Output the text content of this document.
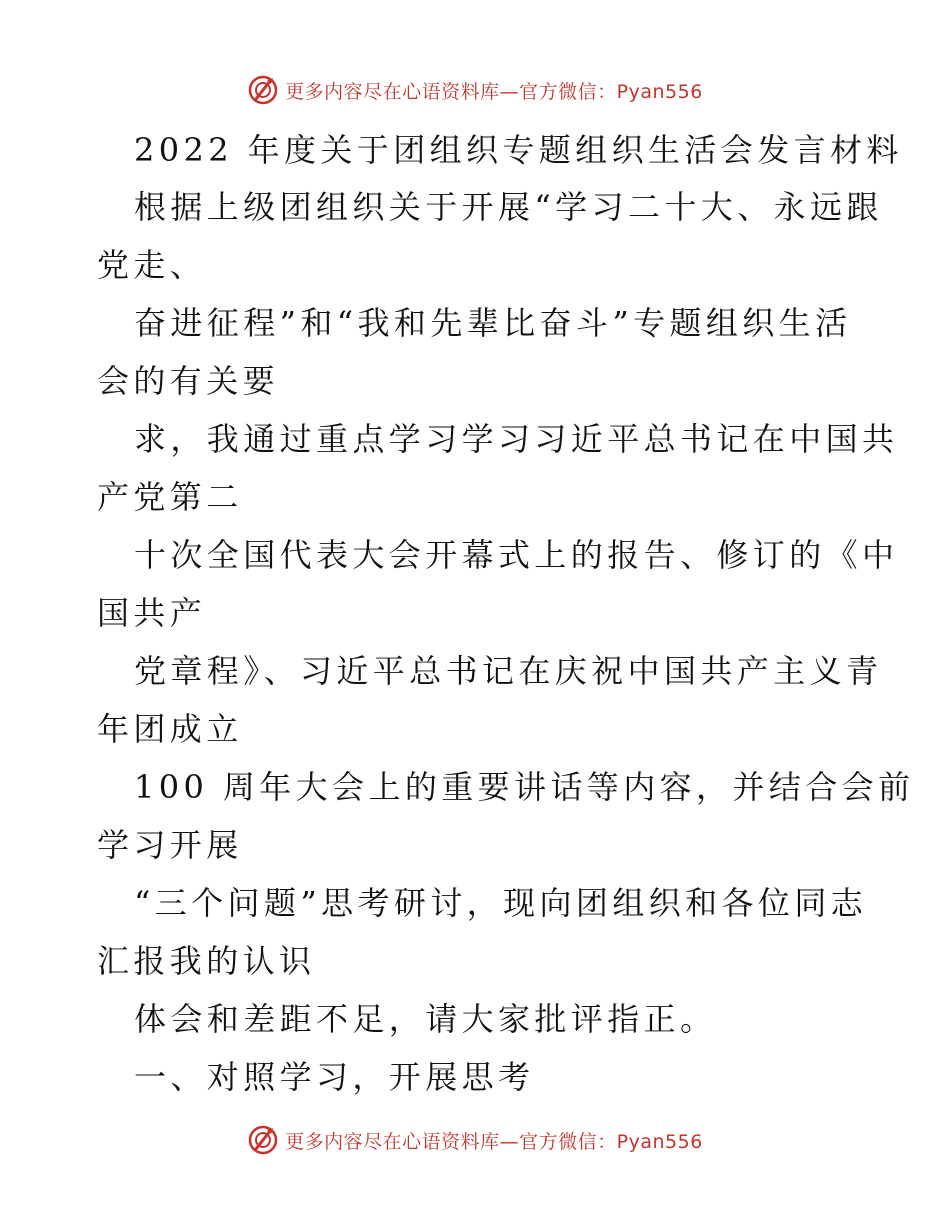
更多内容尽在心语资料库—官方微信：Pyan556
2022 年度关于团组织专题组织生活会发言材料
根据上级团组织关于开展“学习二十大、永远跟
党走、
奋进征程”和“我和先辈比奋斗”专题组织生活
会的有关要
求，我通过重点学习学习习近平总书记在中国共
产党第二
十次全国代表大会开幕式上的报告、修订的《中
国共产
党章程》、习近平总书记在庆祝中国共产主义青
年团成立
100 周年大会上的重要讲话等内容，并结合会前
学习开展
“三个问题”思考研讨，现向团组织和各位同志
汇报我的认识
体会和差距不足，请大家批评指正。
一、对照学习，开展思考
更多内容尽在心语资料库—官方微信：Pyan556
